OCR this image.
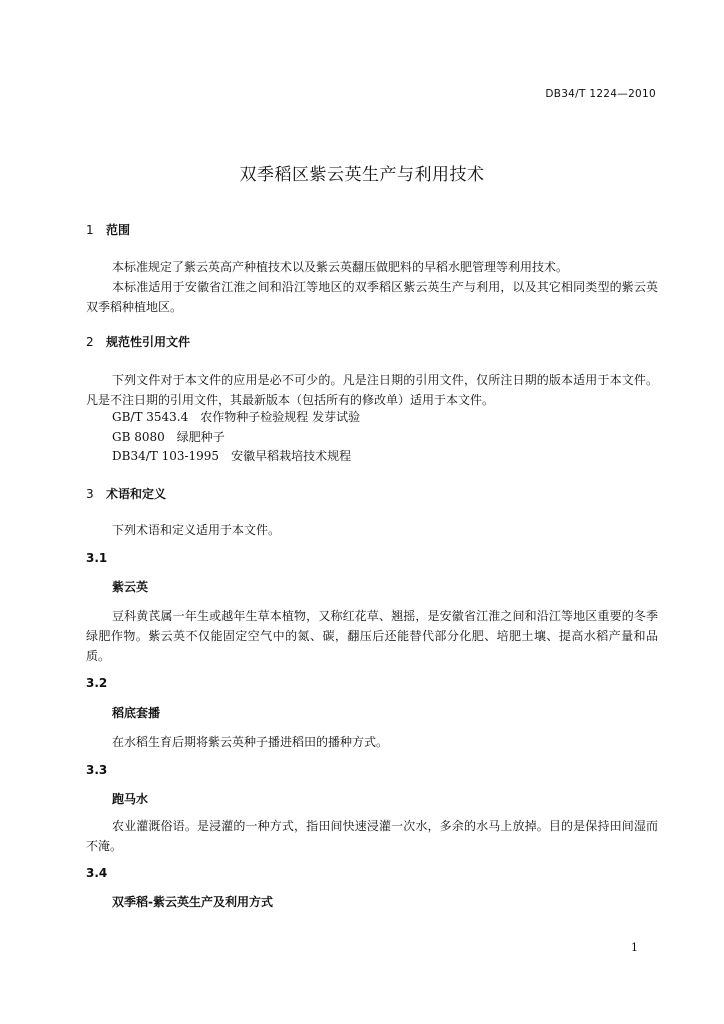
DB34/T 1224—2010
双季稻区紫云英生产与利用技术
1 范围
本标准规定了紫云英高产种植技术以及紫云英翻压做肥料的早稻水肥管理等利用技术。
本标准适用于安徽省江淮之间和沿江等地区的双季稻区紫云英生产与利用，以及其它相同类型的紫云英双季稻种植地区。
2 规范性引用文件
下列文件对于本文件的应用是必不可少的。凡是注日期的引用文件，仅所注日期的版本适用于本文件。凡是不注日期的引用文件，其最新版本（包括所有的修改单）适用于本文件。
GB/T 3543.4　农作物种子检验规程 发芽试验
GB 8080　绿肥种子
DB34/T 103-1995　安徽早稻栽培技术规程
3 术语和定义
下列术语和定义适用于本文件。
3.1
紫云英
豆科黄芪属一年生或越年生草本植物，又称红花草、翘摇，是安徽省江淮之间和沿江等地区重要的冬季绿肥作物。紫云英不仅能固定空气中的氮、碳，翻压后还能替代部分化肥、培肥土壤、提高水稻产量和品质。
3.2
稻底套播
在水稻生育后期将紫云英种子播进稻田的播种方式。
3.3
跑马水
农业灌溉俗语。是浸灌的一种方式，指田间快速浸灌一次水，多余的水马上放掉。目的是保持田间湿而不淹。
3.4
双季稻-紫云英生产及利用方式
1
